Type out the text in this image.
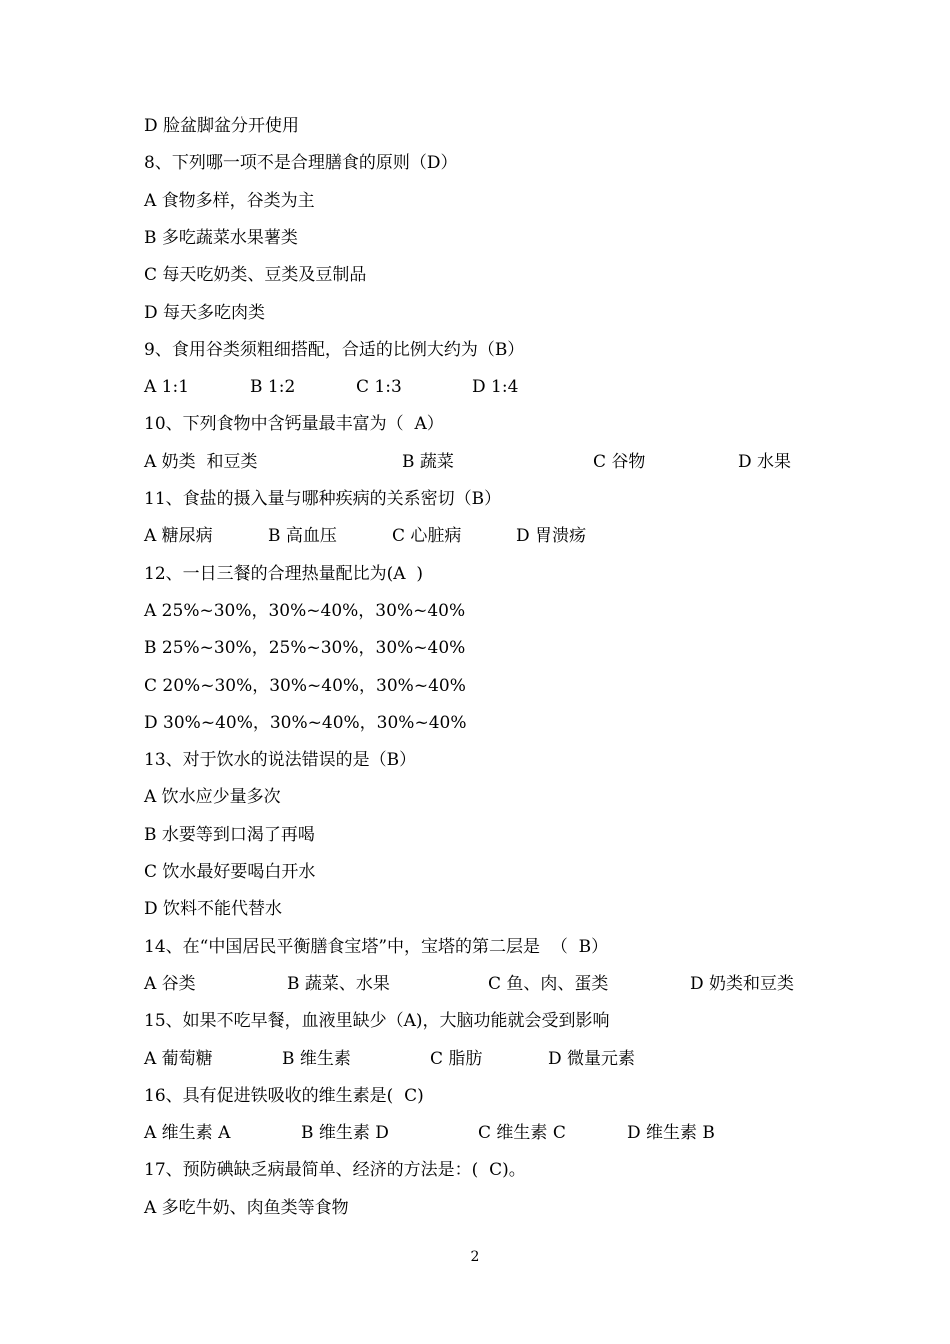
D 脸盆脚盆分开使用
8、下列哪一项不是合理膳食的原则（D）
A 食物多样，谷类为主
B 多吃蔬菜水果薯类
C 每天吃奶类、豆类及豆制品
D 每天多吃肉类
9、食用谷类须粗细搭配，合适的比例大约为（B）
A 1:1	B 1:2	C 1:3	D 1:4
10、下列食物中含钙量最丰富为（  A）
A 奶类  和豆类	B 蔬菜	C 谷物	D 水果
11、食盐的摄入量与哪种疾病的关系密切（B）
A 糖尿病	B 高血压	C 心脏病	D 胃溃疡
12、一日三餐的合理热量配比为(A  )
A 25%~30%，30%~40%，30%~40%
B 25%~30%，25%~30%，30%~40%
C 20%~30%，30%~40%，30%~40%
D 30%~40%，30%~40%，30%~40%
13、对于饮水的说法错误的是（B）
A 饮水应少量多次
B 水要等到口渴了再喝
C 饮水最好要喝白开水
D 饮料不能代替水
14、在“中国居民平衡膳食宝塔”中，宝塔的第二层是  （  B）
A 谷类	B 蔬菜、水果	C 鱼、肉、蛋类	D 奶类和豆类
15、如果不吃早餐，血液里缺少（A)，大脑功能就会受到影响
A 葡萄糖	B 维生素	C 脂肪	D 微量元素
16、具有促进铁吸收的维生素是(  C)
A 维生素 A	B 维生素 D	C 维生素 C	D 维生素 B
17、预防碘缺乏病最简单、经济的方法是：(  C)。
A 多吃牛奶、肉鱼类等食物
2
